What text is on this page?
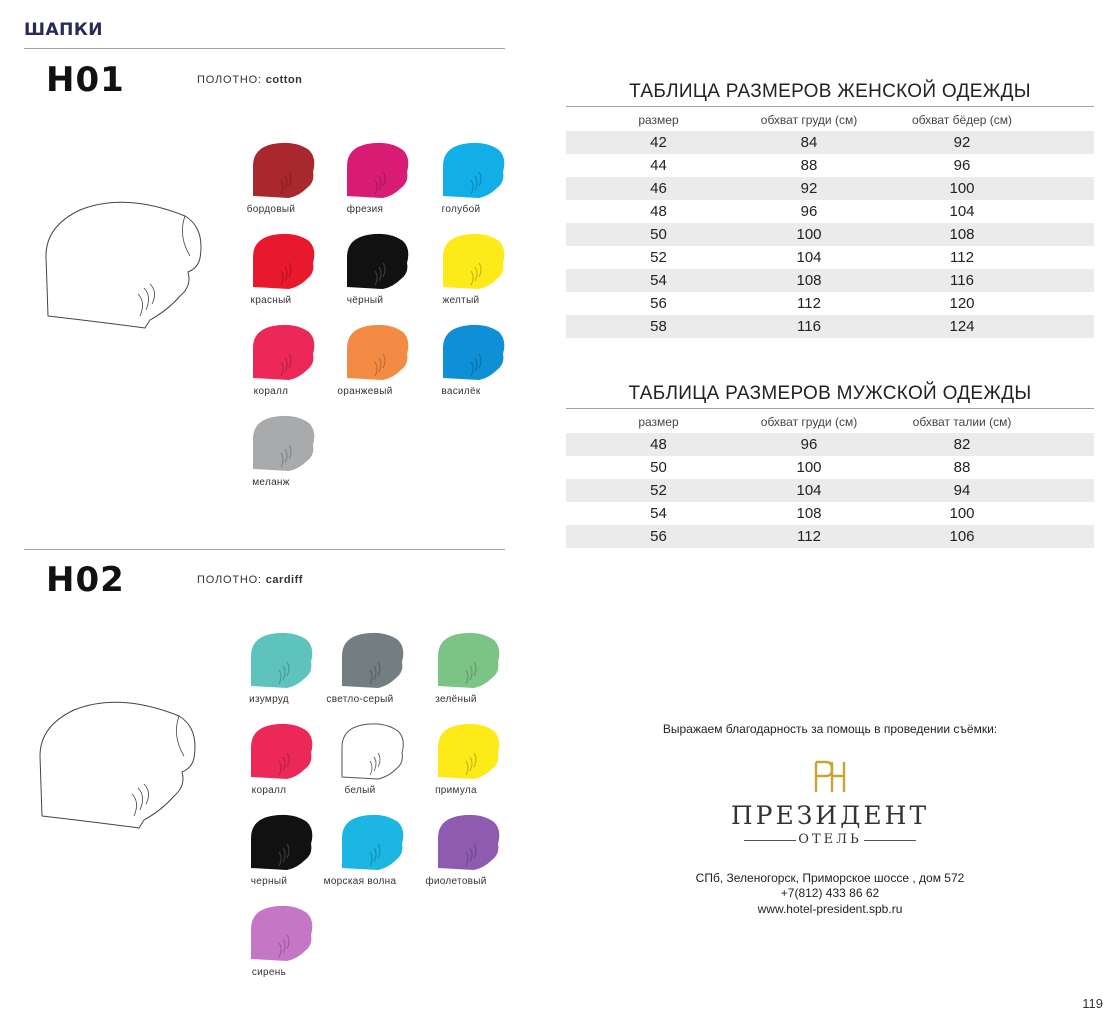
ШАПКИ
H01	ПОЛОТНО: cotton
H02	ПОЛОТНО: cardiff
бордовый	фрезия	голубой
красный	чёрный	желтый
коралл	оранжевый	василёк
меланж
изумруд	светло-серый	зелёный
коралл	белый	примула
черный	морская волна	фиолетовый
сирень
ТАБЛИЦА РАЗМЕРОВ ЖЕНСКОЙ ОДЕЖДЫ
размер	обхват груди (см)	обхват бёдер (см)
42	84	92
44	88	96
46	92	100
48	96	104
50	100	108
52	104	112
54	108	116
56	112	120
58	116	124
ТАБЛИЦА РАЗМЕРОВ МУЖСКОЙ ОДЕЖДЫ
размер	обхват груди (см)	обхват талии (см)
48	96	82
50	100	88
52	104	94
54	108	100
56	112	106
Выражаем благодарность за помощь в проведении съёмки:
ПРЕЗИДЕНТ
ОТЕЛЬ
СПб, Зеленогорск, Приморское шоссе , дом 572
+7(812) 433 86 62
www.hotel-president.spb.ru
119
